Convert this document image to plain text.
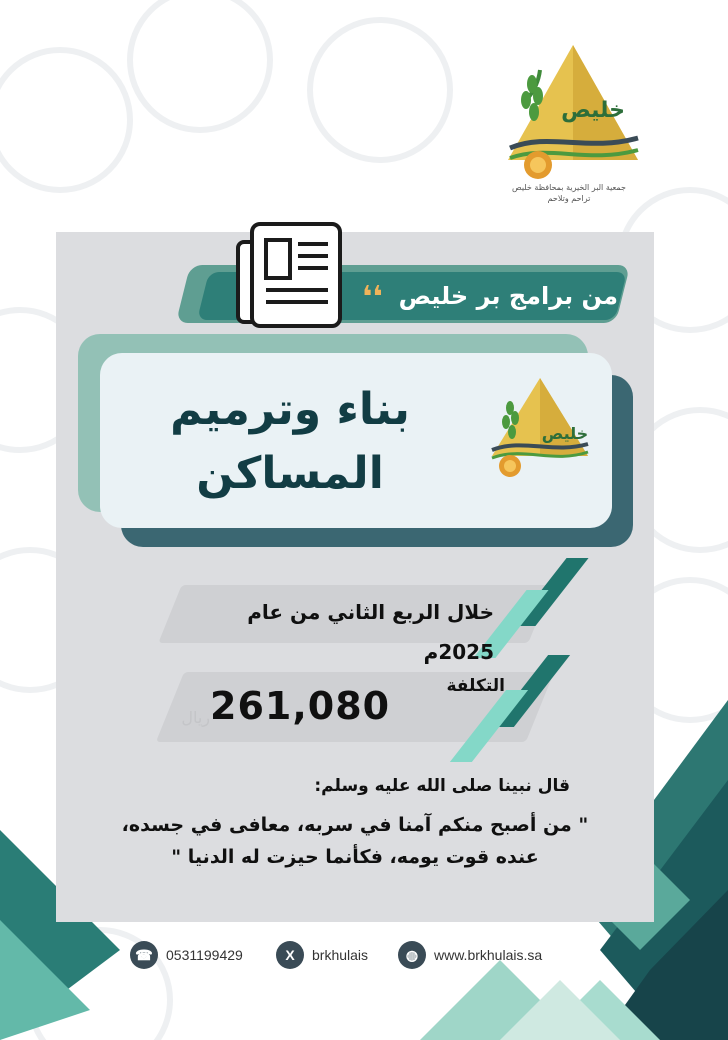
خليص
جمعية البر الخيرية بمحافظة خليص
تراحم وتلاحم
من برامج بر خليص
❛❛
بناء وترميم
المساكن
خليص
خلال الربع الثاني من عام 2025م
التكلفة
261,080
ريال
قال نبينا صلى الله عليه وسلم:
" من أصبح منكم آمنا في سربه، معافى في جسده،
عنده قوت يومه، فكأنما حيزت له الدنيا "
☎ 0531199429	X	brkhulais	◍	www.brkhulais.sa
